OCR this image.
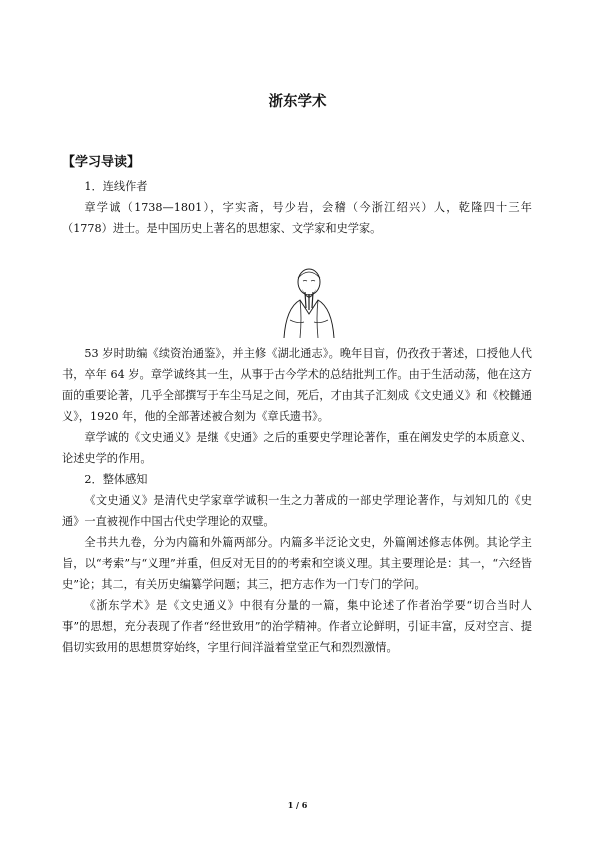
浙东学术
【学习导读】

1．连线作者

章学诚（1738—1801），字实斋，号少岩，会稽（今浙江绍兴）人，乾隆四十三年（1778）进士。是中国历史上著名的思想家、文学家和史学家。

53 岁时助编《续资治通鉴》，并主修《湖北通志》。晚年目盲，仍孜孜于著述，口授他人代书，卒年 64 岁。章学诚终其一生，从事于古今学术的总结批判工作。由于生活动荡，他在这方面的重要论著，几乎全部撰写于车尘马足之间，死后，才由其子汇刻成《文史通义》和《校雠通义》，1920 年，他的全部著述被合刻为《章氏遗书》。

章学诚的《文史通义》是继《史通》之后的重要史学理论著作，重在阐发史学的本质意义、论述史学的作用。

2．整体感知

《文史通义》是清代史学家章学诚积一生之力著成的一部史学理论著作，与刘知几的《史通》一直被视作中国古代史学理论的双璧。

全书共九卷，分为内篇和外篇两部分。内篇多半泛论文史，外篇阐述修志体例。其论学主旨，以“考索”与“义理”并重，但反对无目的的考索和空谈义理。其主要理论是：其一，“六经皆史”论；其二，有关历史编纂学问题；其三，把方志作为一门专门的学问。

《浙东学术》是《文史通义》中很有分量的一篇，集中论述了作者治学要“切合当时人事”的思想，充分表现了作者“经世致用”的治学精神。作者立论鲜明，引证丰富，反对空言、提倡切实致用的思想贯穿始终，字里行间洋溢着堂堂正气和烈烈激情。

1 / 6
